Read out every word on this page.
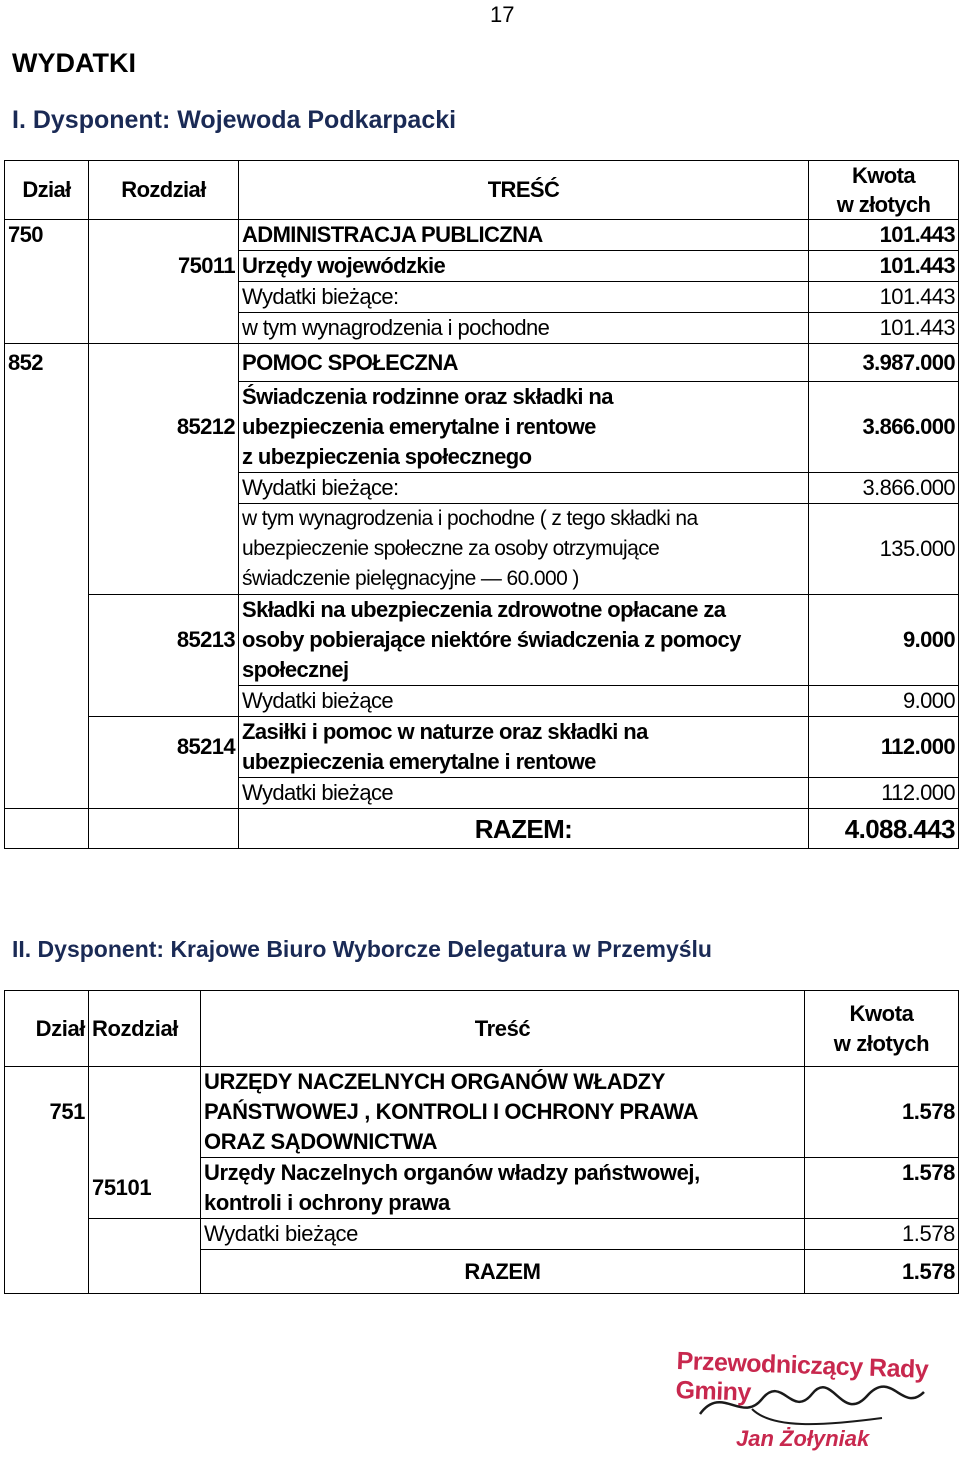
17
WYDATKI
I. Dysponent: Wojewoda Podkarpacki
Dział	Rozdział	TREŚĆ	Kwota
w złotych

750		ADMINISTRACJA PUBLICZNA	101.443
	75011	Urzędy wojewódzkie	101.443
		Wydatki bieżące:	101.443
		w tym wynagrodzenia i pochodne	101.443
852		POMOC SPOŁECZNA	3.987.000
	85212	Świadczenia rodzinne oraz składki na
ubezpieczenia emerytalne i rentowe
z ubezpieczenia społecznego	3.866.000
		Wydatki bieżące:	3.866.000

		w tym wynagrodzenia i pochodne ( z tego składki na
ubezpieczenie społeczne za osoby otrzymujące
świadczenie pielęgnacyjne — 60.000 )	135.000
	85213	Składki na ubezpieczenia zdrowotne opłacane za
osoby pobierające niektóre świadczenia z pomocy
społecznej	9.000
		Wydatki bieżące	9.000
	85214	Zasiłki i pomoc w naturze oraz składki na
ubezpieczenia emerytalne i rentowe	112.000
		Wydatki bieżące	112.000
		RAZEM:	4.088.443
II. Dysponent: Krajowe Biuro Wyborcze Delegatura w Przemyślu
Dział	Rozdział	Treść	Kwota
w złotych

751		URZĘDY NACZELNYCH ORGANÓW WŁADZY
PAŃSTWOWEJ , KONTROLI I OCHRONY PRAWA
ORAZ SĄDOWNICTWA	1.578
	75101	Urzędy Naczelnych organów władzy państwowej,
kontroli i ochrony prawa	1.578
		Wydatki bieżące	1.578
		RAZEM	1.578
Przewodniczący Rady Gminy
Jan Żołyniak
